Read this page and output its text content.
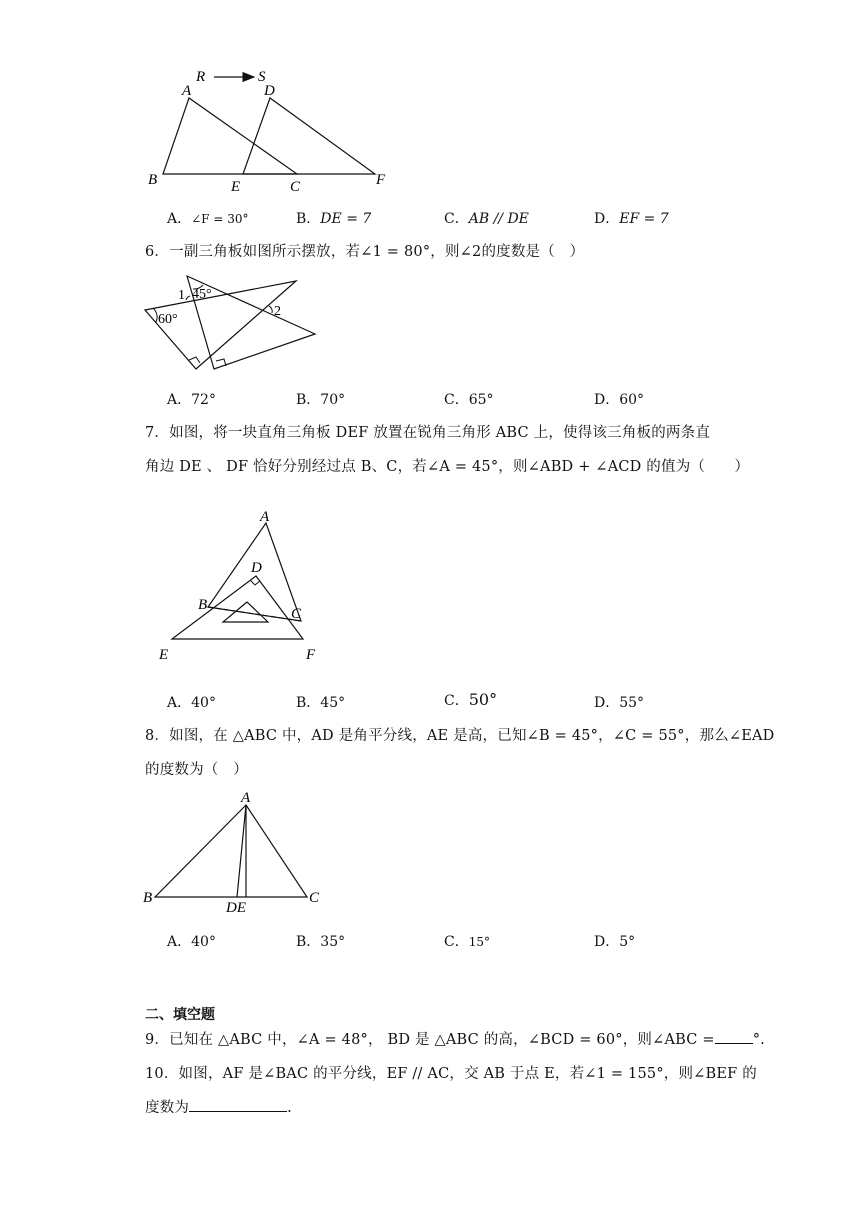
R	S
A	D
B	E	C	F
A．∠F = 30°	B．DE = 7	C．AB // DE	D．EF = 7
6．一副三角板如图所示摆放，若∠1 = 80°，则∠2的度数是（　）
1 45°
60°
2
A．72°	B．70°	C．65°	D．60°
7．如图，将一块直角三角板 DEF 放置在锐角三角形 ABC 上，使得该三角板的两条直
角边 DE 、 DF 恰好分别经过点 B、C，若∠A = 45°，则∠ABD + ∠ACD 的值为（　　）
A
D
B
C
E	F
A．40°	B．45°	C．50°	D．55°
8．如图，在 △ABC 中，AD 是角平分线，AE 是高，已知∠B = 45°，∠C = 55°，那么∠EAD
的度数为（　）
A
B	C
DE
A．40°	B．35°	C．15°	D．5°
二、填空题
9．已知在 △ABC 中，∠A = 48°， BD 是 △ABC 的高，∠BCD = 60°，则∠ABC =	°.
10．如图，AF 是∠BAC 的平分线，EF // AC，交 AB 于点 E，若∠1 = 155°，则∠BEF 的
度数为	.
